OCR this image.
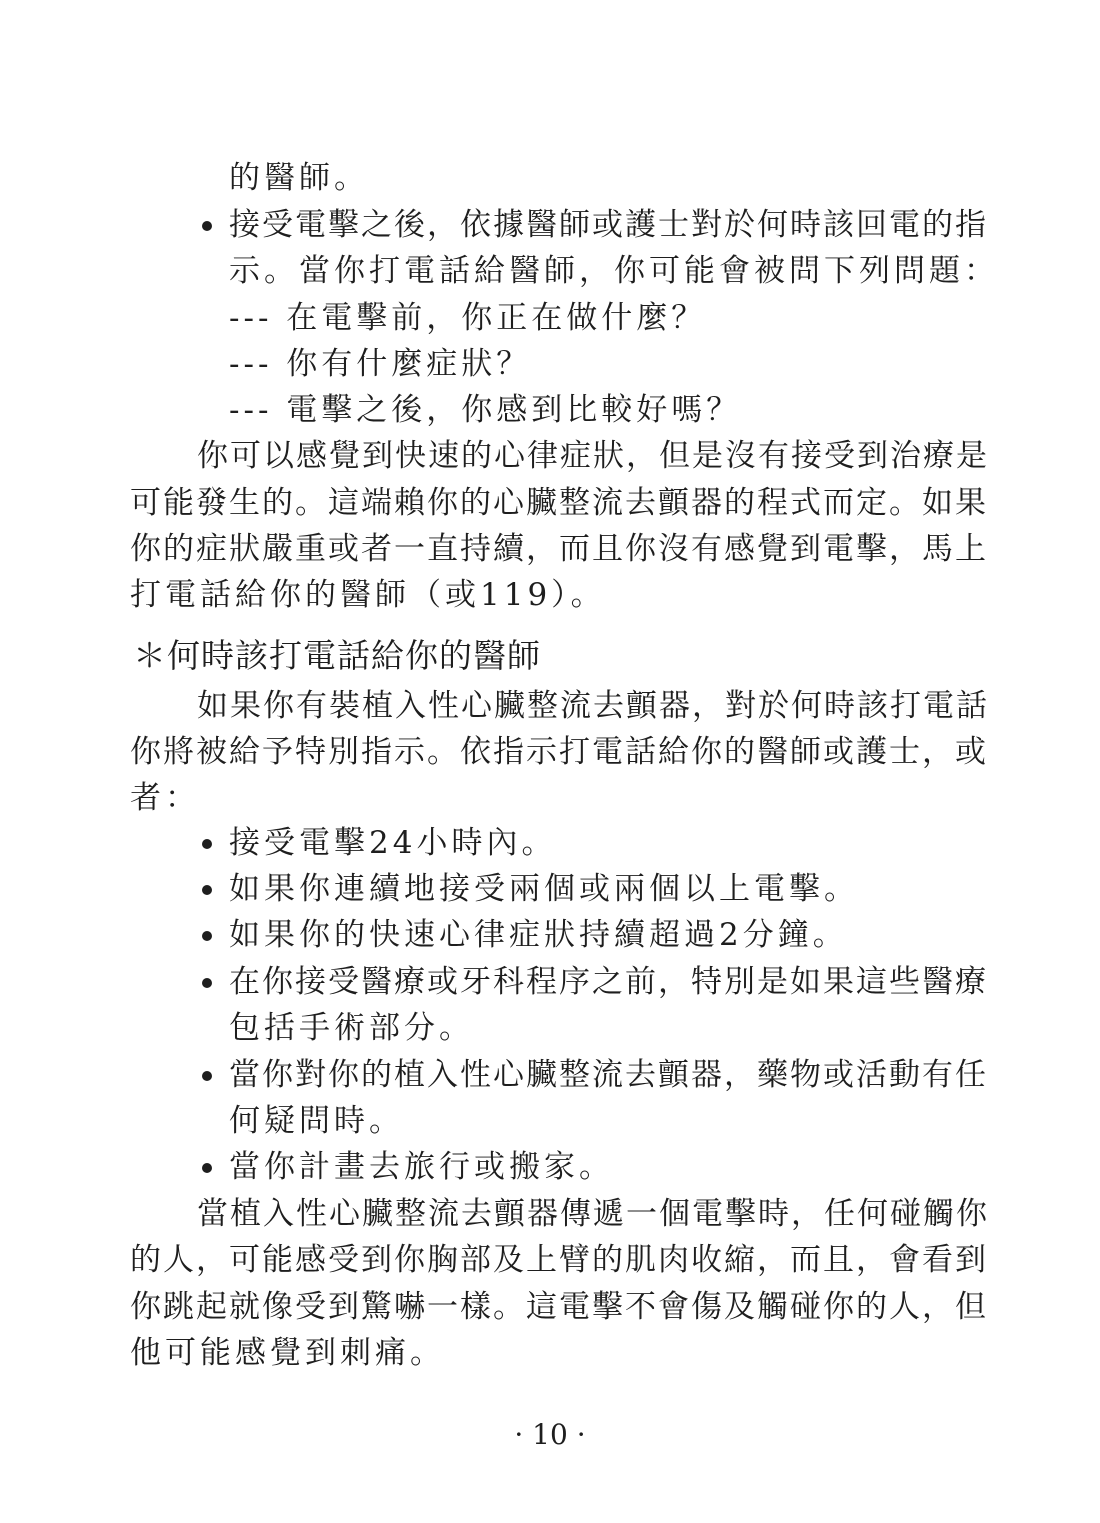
的醫師。
接受電擊之後，依據醫師或護士對於何時該回電的指
示。當你打電話給醫師，你可能會被問下列問題：
--- 在電擊前，你正在做什麼？
--- 你有什麼症狀？
--- 電擊之後，你感到比較好嗎？
你可以感覺到快速的心律症狀，但是沒有接受到治療是
可能發生的。這端賴你的心臟整流去顫器的程式而定。如果
你的症狀嚴重或者一直持續，而且你沒有感覺到電擊，馬上
打電話給你的醫師（或119）。
＊何時該打電話給你的醫師
如果你有裝植入性心臟整流去顫器，對於何時該打電話
你將被給予特別指示。依指示打電話給你的醫師或護士，或
者：
接受電擊24小時內。
如果你連續地接受兩個或兩個以上電擊。
如果你的快速心律症狀持續超過2分鐘。
在你接受醫療或牙科程序之前，特別是如果這些醫療
包括手術部分。
當你對你的植入性心臟整流去顫器，藥物或活動有任
何疑問時。
當你計畫去旅行或搬家。
當植入性心臟整流去顫器傳遞一個電擊時，任何碰觸你
的人，可能感受到你胸部及上臂的肌肉收縮，而且，會看到
你跳起就像受到驚嚇一樣。這電擊不會傷及觸碰你的人，但
他可能感覺到刺痛。
· 10 ·
